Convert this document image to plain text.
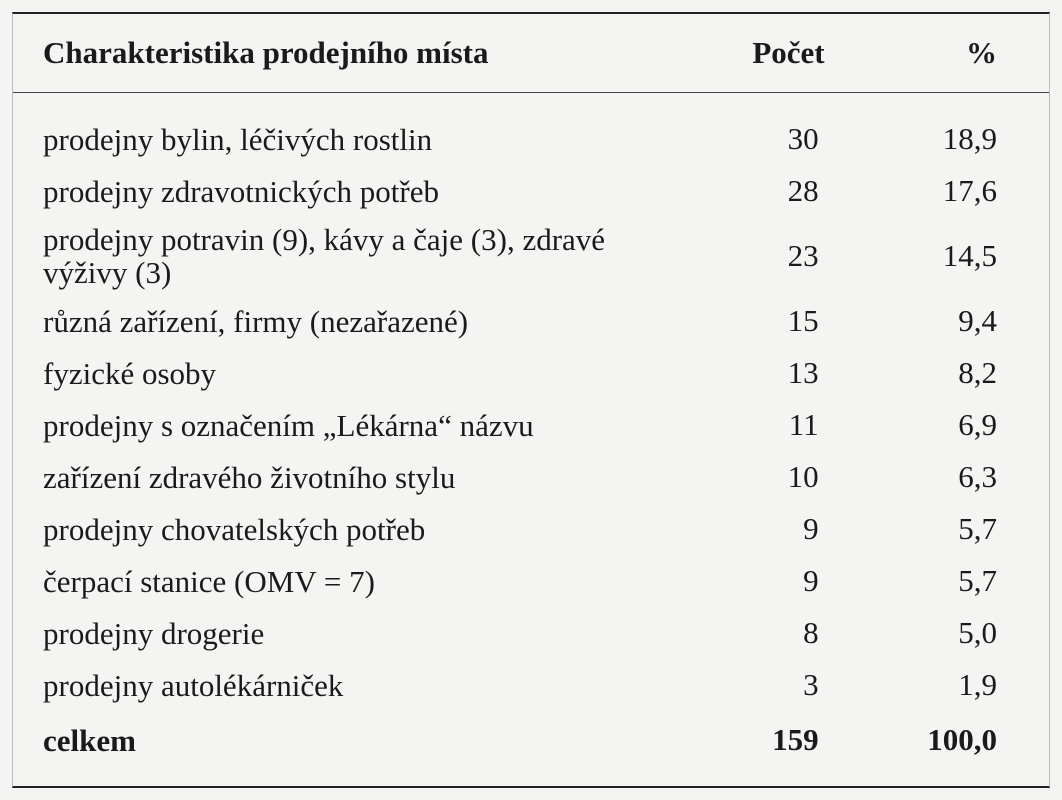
Charakteristika prodejního místa	Počet	%

prodejny bylin, léčivých rostlin	30	18,9
prodejny zdravotnických potřeb	28	17,6
prodejny potravin (9), kávy a čaje (3), zdravé výživy (3)	23	14,5
různá zařízení, firmy (nezařazené)	15	9,4
fyzické osoby	13	8,2
prodejny s označením „Lékárna“ názvu	11	6,9
zařízení zdravého životního stylu	10	6,3
prodejny chovatelských potřeb	9	5,7
čerpací stanice (OMV = 7)	9	5,7
prodejny drogerie	8	5,0
prodejny autolékárniček	3	1,9
celkem	159	100,0
